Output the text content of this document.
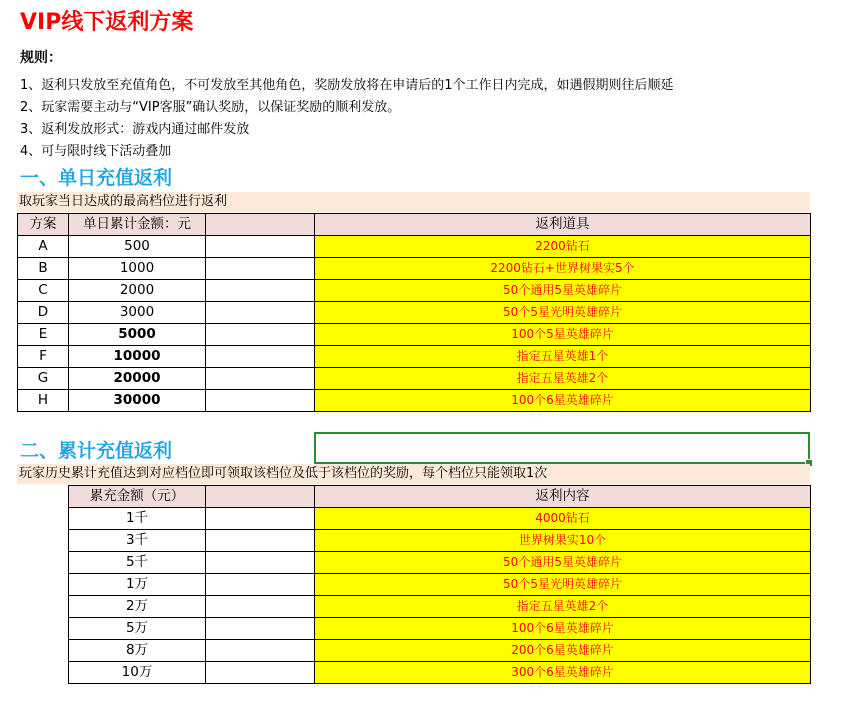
VIP线下返利方案
规则：
1、返利只发放至充值角色，不可发放至其他角色，奖励发放将在申请后的1个工作日内完成，如遇假期则往后顺延
2、玩家需要主动与“VIP客服”确认奖励，以保证奖励的顺利发放。
3、返利发放形式：游戏内通过邮件发放
4、可与限时线下活动叠加
一、单日充值返利
取玩家当日达成的最高档位进行返利
方案	单日累计金额：元		返利道具
A	500		2200钻石
B	1000		2200钻石+世界树果实5个
C	2000		50个通用5星英雄碎片
D	3000		50个5星光明英雄碎片
E	5000		100个5星英雄碎片
F	10000		指定五星英雄1个
G	20000		指定五星英雄2个
H	30000		100个6星英雄碎片
二、累计充值返利
玩家历史累计充值达到对应档位即可领取该档位及低于该档位的奖励，每个档位只能领取1次
累充金额（元）		返利内容
1千		4000钻石
3千		世界树果实10个
5千		50个通用5星英雄碎片
1万		50个5星光明英雄碎片
2万		指定五星英雄2个
5万		100个6星英雄碎片
8万		200个6星英雄碎片
10万		300个6星英雄碎片
